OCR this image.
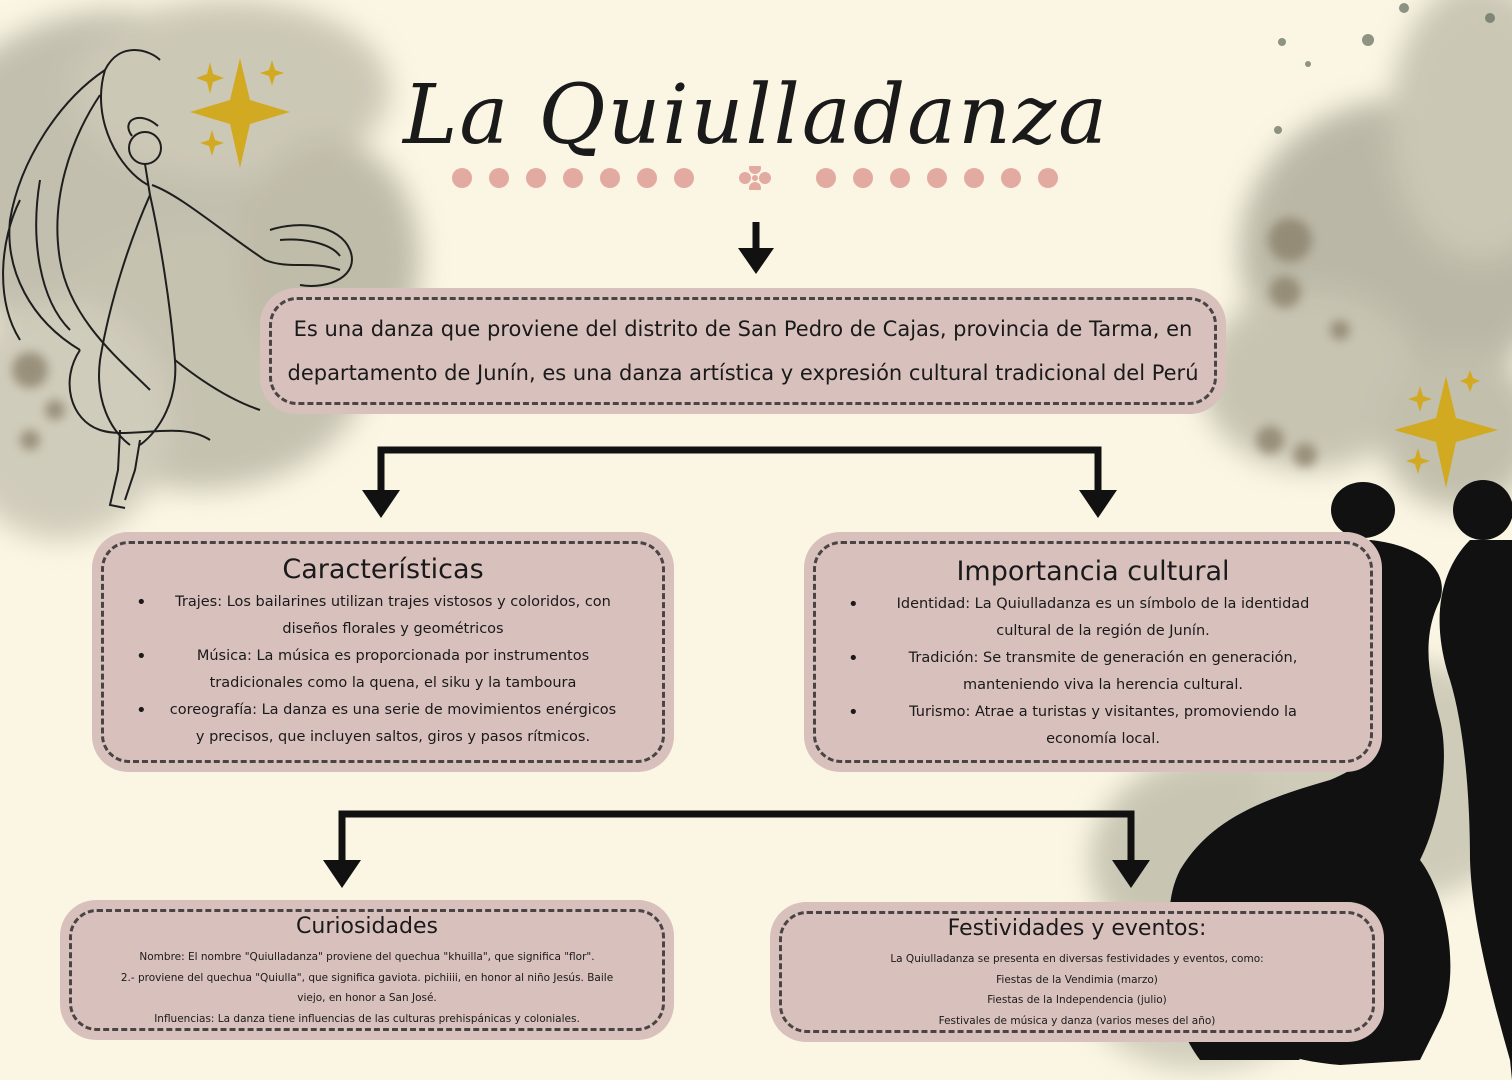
La Quiulladanza
Es una danza que proviene del distrito de San Pedro de Cajas, provincia de Tarma, en departamento de Junín, es una danza artística y expresión cultural tradicional del Perú
Características
• Trajes: Los bailarines utilizan trajes vistosos y coloridos, con diseños florales y geométricos
• Música: La música es proporcionada por instrumentos tradicionales como la quena, el siku y la tamboura
• coreografía: La danza es una serie de movimientos enérgicos y precisos, que incluyen saltos, giros y pasos rítmicos.
Importancia cultural
• Identidad: La Quiulladanza es un símbolo de la identidad cultural de la región de Junín.
• Tradición: Se transmite de generación en generación, manteniendo viva la herencia cultural.
• Turismo: Atrae a turistas y visitantes, promoviendo la economía local.
Curiosidades

Nombre: El nombre "Quiulladanza" proviene del quechua "khuilla", que significa "flor".

2.- proviene del quechua "Quiulla", que significa gaviota. pichiiii, en honor al niño Jesús. Baile viejo, en honor a San José.

Influencias: La danza tiene influencias de las culturas prehispánicas y coloniales.

Festividades y eventos:

La Quiulladanza se presenta en diversas festividades y eventos, como:

Fiestas de la Vendimia (marzo)

Fiestas de la Independencia (julio)

Festivales de música y danza (varios meses del año)
